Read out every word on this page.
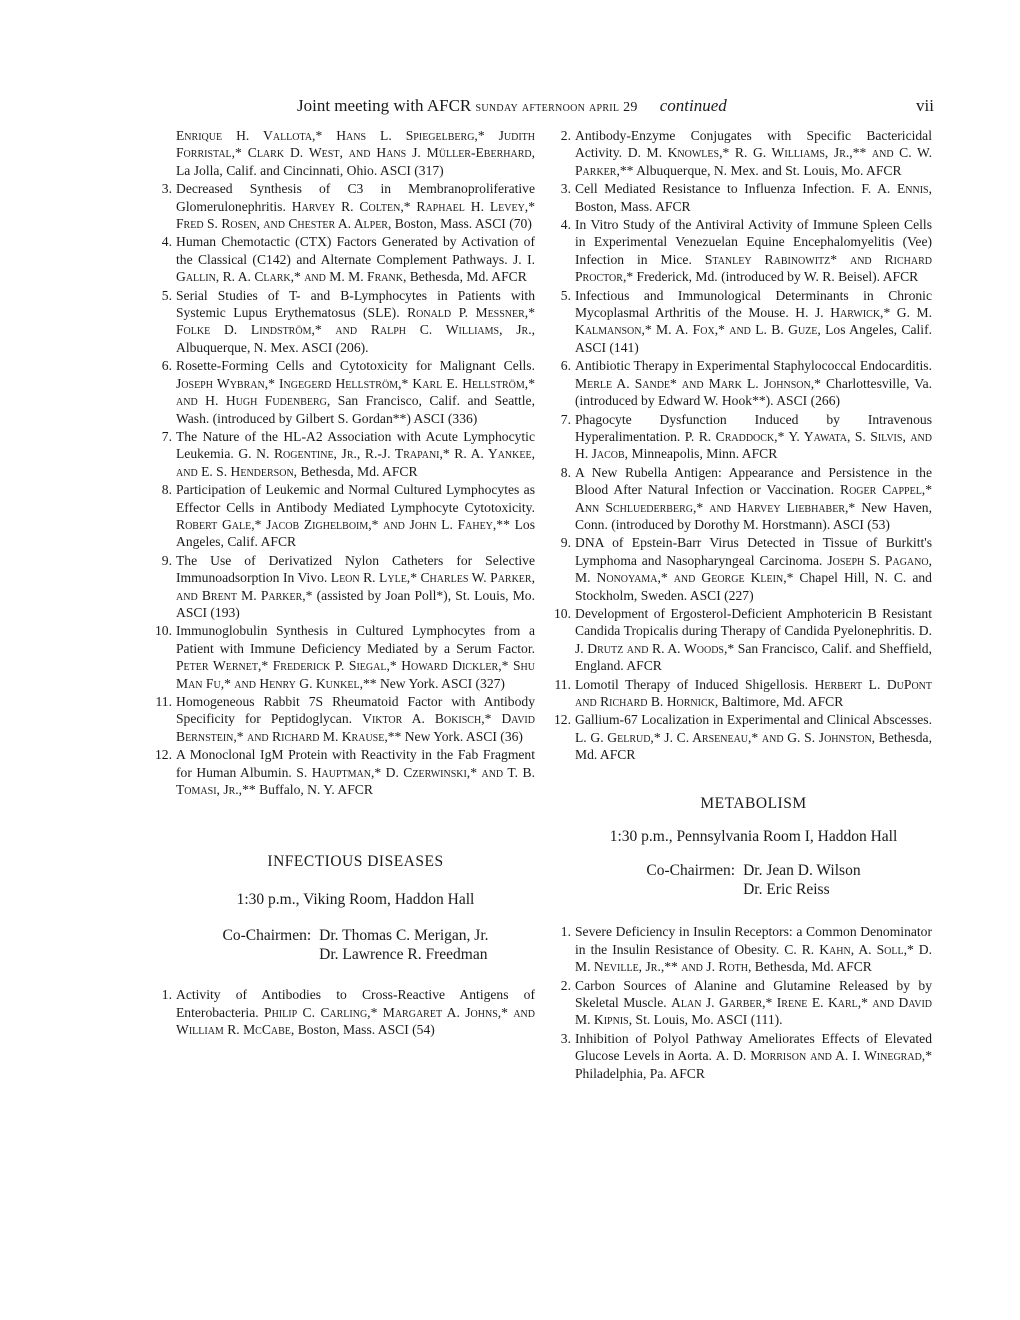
Joint meeting with AFCR sunday afternoon april 29 continued	vii
Enrique H. Vallota,* Hans L. Spiegelberg,* Judith Forristal,* Clark D. West, and Hans J. Müller-Eberhard, La Jolla, Calif. and Cincinnati, Ohio. ASCI (317)
3. Decreased Synthesis of C3 in Membranoproliferative Glomerulonephritis. Harvey R. Colten,* Raphael H. Levey,* Fred S. Rosen, and Chester A. Alper, Boston, Mass. ASCI (70)
4. Human Chemotactic (CTX) Factors Generated by Activation of the Classical (C142) and Alternate Complement Pathways. J. I. Gallin, R. A. Clark,* and M. M. Frank, Bethesda, Md. AFCR
5. Serial Studies of T- and B-Lymphocytes in Patients with Systemic Lupus Erythematosus (SLE). Ronald P. Messner,* Folke D. Lindström,* and Ralph C. Williams, Jr., Albuquerque, N. Mex. ASCI (206).
6. Rosette-Forming Cells and Cytotoxicity for Malignant Cells. Joseph Wybran,* Ingegerd Hellström,* Karl E. Hellström,* and H. Hugh Fudenberg, San Francisco, Calif. and Seattle, Wash. (introduced by Gilbert S. Gordan**) ASCI (336)
7. The Nature of the HL-A2 Association with Acute Lymphocytic Leukemia. G. N. Rogentine, Jr., R.-J. Trapani,* R. A. Yankee, and E. S. Henderson, Bethesda, Md. AFCR
8. Participation of Leukemic and Normal Cultured Lymphocytes as Effector Cells in Antibody Mediated Lymphocyte Cytotoxicity. Robert Gale,* Jacob Zighelboim,* and John L. Fahey,** Los Angeles, Calif. AFCR
9. The Use of Derivatized Nylon Catheters for Selective Immunoadsorption In Vivo. Leon R. Lyle,* Charles W. Parker, and Brent M. Parker,* (assisted by Joan Poll*), St. Louis, Mo. ASCI (193)
10. Immunoglobulin Synthesis in Cultured Lymphocytes from a Patient with Immune Deficiency Mediated by a Serum Factor. Peter Wernet,* Frederick P. Siegal,* Howard Dickler,* Shu Man Fu,* and Henry G. Kunkel,** New York. ASCI (327)
11. Homogeneous Rabbit 7S Rheumatoid Factor with Antibody Specificity for Peptidoglycan. Viktor A. Bokisch,* David Bernstein,* and Richard M. Krause,** New York. ASCI (36)
12. A Monoclonal IgM Protein with Reactivity in the Fab Fragment for Human Albumin. S. Hauptman,* D. Czerwinski,* and T. B. Tomasi, Jr.,** Buffalo, N. Y. AFCR
INFECTIOUS DISEASES
1:30 p.m., Viking Room, Haddon Hall
Co-Chairmen: Dr. Thomas C. Merigan, Jr.
Dr. Lawrence R. Freedman
1. Activity of Antibodies to Cross-Reactive Antigens of Enterobacteria. Philip C. Carling,* Margaret A. Johns,* and William R. McCabe, Boston, Mass. ASCI (54)
2. Antibody-Enzyme Conjugates with Specific Bactericidal Activity. D. M. Knowles,* R. G. Williams, Jr.,** and C. W. Parker,** Albuquerque, N. Mex. and St. Louis, Mo. AFCR
3. Cell Mediated Resistance to Influenza Infection. F. A. Ennis, Boston, Mass. AFCR
4. In Vitro Study of the Antiviral Activity of Immune Spleen Cells in Experimental Venezuelan Equine Encephalomyelitis (Vee) Infection in Mice. Stanley Rabinowitz* and Richard Proctor,* Frederick, Md. (introduced by W. R. Beisel). AFCR
5. Infectious and Immunological Determinants in Chronic Mycoplasmal Arthritis of the Mouse. H. J. Harwick,* G. M. Kalmanson,* M. A. Fox,* and L. B. Guze, Los Angeles, Calif. ASCI (141)
6. Antibiotic Therapy in Experimental Staphylococcal Endocarditis. Merle A. Sande* and Mark L. Johnson,* Charlottesville, Va. (introduced by Edward W. Hook**). ASCI (266)
7. Phagocyte Dysfunction Induced by Intravenous Hyperalimentation. P. R. Craddock,* Y. Yawata, S. Silvis, and H. Jacob, Minneapolis, Minn. AFCR
8. A New Rubella Antigen: Appearance and Persistence in the Blood After Natural Infection or Vaccination. Roger Cappel,* Ann Schluederberg,* and Harvey Liebhaber,* New Haven, Conn. (introduced by Dorothy M. Horstmann). ASCI (53)
9. DNA of Epstein-Barr Virus Detected in Tissue of Burkitt's Lymphoma and Nasopharyngeal Carcinoma. Joseph S. Pagano, M. Nonoyama,* and George Klein,* Chapel Hill, N. C. and Stockholm, Sweden. ASCI (227)
10. Development of Ergosterol-Deficient Amphotericin B Resistant Candida Tropicalis during Therapy of Candida Pyelonephritis. D. J. Drutz and R. A. Woods,* San Francisco, Calif. and Sheffield, England. AFCR
11. Lomotil Therapy of Induced Shigellosis. Herbert L. DuPont and Richard B. Hornick, Baltimore, Md. AFCR
12. Gallium-67 Localization in Experimental and Clinical Abscesses. L. G. Gelrud,* J. C. Arseneau,* and G. S. Johnston, Bethesda, Md. AFCR
METABOLISM
1:30 p.m., Pennsylvania Room I, Haddon Hall
Co-Chairmen: Dr. Jean D. Wilson
Dr. Eric Reiss
1. Severe Deficiency in Insulin Receptors: a Common Denominator in the Insulin Resistance of Obesity. C. R. Kahn, A. Soll,* D. M. Neville, Jr.,** and J. Roth, Bethesda, Md. AFCR
2. Carbon Sources of Alanine and Glutamine Released by by Skeletal Muscle. Alan J. Garber,* Irene E. Karl,* and David M. Kipnis, St. Louis, Mo. ASCI (111).
3. Inhibition of Polyol Pathway Ameliorates Effects of Elevated Glucose Levels in Aorta. A. D. Morrison and A. I. Winegrad,* Philadelphia, Pa. AFCR
